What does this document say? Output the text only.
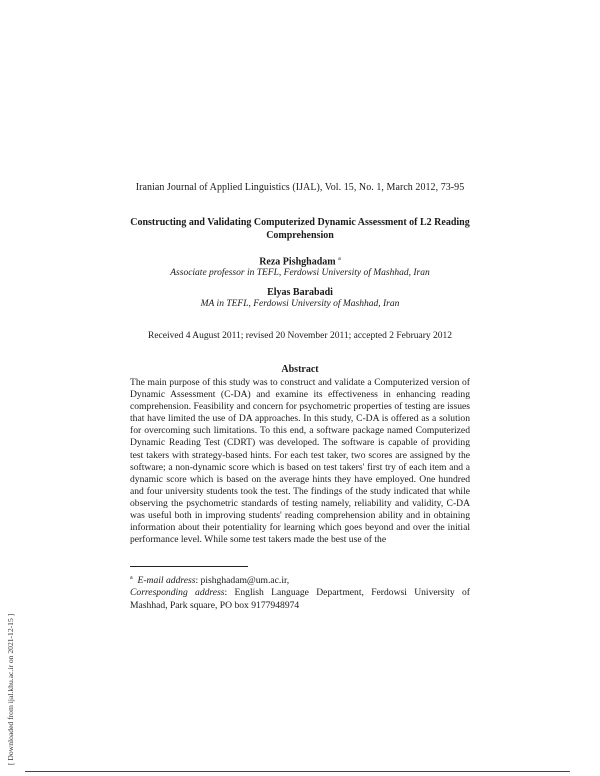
Iranian Journal of Applied Linguistics (IJAL), Vol. 15, No. 1, March 2012, 73-95
Constructing and Validating Computerized Dynamic Assessment of L2 Reading Comprehension
Reza Pishghadam $^a$
Associate professor in TEFL, Ferdowsi University of Mashhad, Iran
Elyas Barabadi
MA in TEFL, Ferdowsi University of Mashhad, Iran
Received 4 August 2011; revised 20 November 2011; accepted 2 February 2012
Abstract
The main purpose of this study was to construct and validate a Computerized version of Dynamic Assessment (C-DA) and examine its effectiveness in enhancing reading comprehension. Feasibility and concern for psychometric properties of testing are issues that have limited the use of DA approaches. In this study, C-DA is offered as a solution for overcoming such limitations. To this end, a software package named Computerized Dynamic Reading Test (CDRT) was developed. The software is capable of providing test takers with strategy-based hints. For each test taker, two scores are assigned by the software; a non-dynamic score which is based on test takers' first try of each item and a dynamic score which is based on the average hints they have employed. One hundred and four university students took the test. The findings of the study indicated that while observing the psychometric standards of testing namely, reliability and validity, C-DA was useful both in improving students' reading comprehension ability and in obtaining information about their potentiality for learning which goes beyond and over the initial performance level. While some test takers made the best use of the
$^a$ E-mail address: pishghadam@um.ac.ir,
Corresponding address: English Language Department, Ferdowsi University of Mashhad, Park square, PO box 9177948974
[ Downloaded from ijal.khu.ac.ir on 2021-12-15 ]
